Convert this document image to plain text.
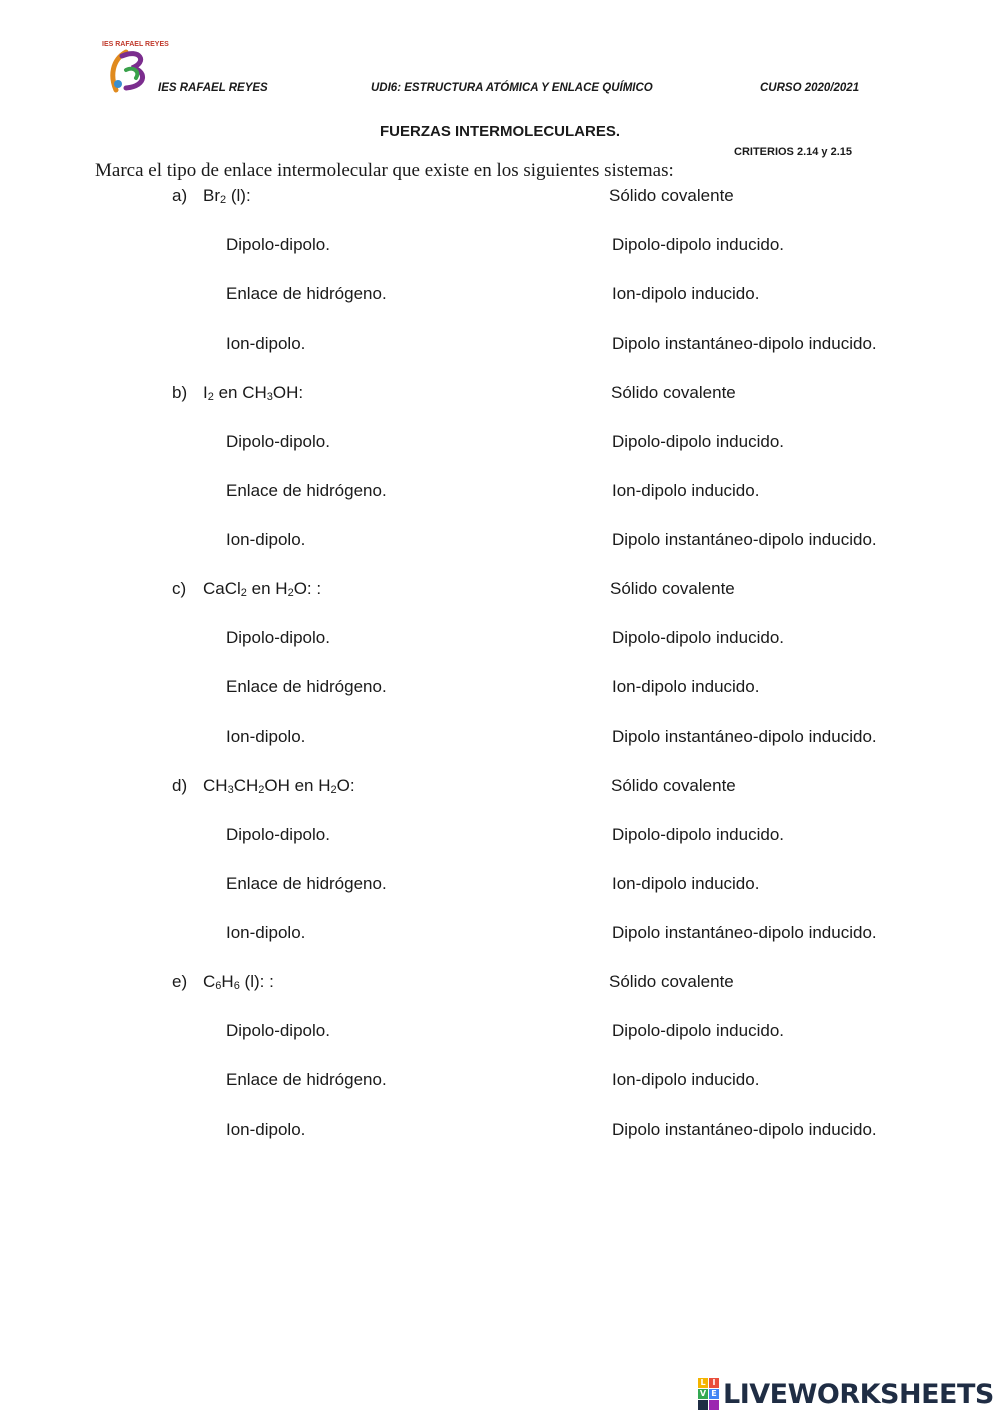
IES RAFAEL REYES
IES RAFAEL REYES	UDI6: ESTRUCTURA ATÓMICA Y ENLACE QUÍMICO	CURSO 2020/2021
FUERZAS INTERMOLECULARES.
CRITERIOS 2.14 y 2.15
Marca el tipo de enlace intermolecular que existe en los siguientes sistemas:
a) $Br_2$ (l):	Sólido covalente
Dipolo-dipolo.	Dipolo-dipolo inducido.
Enlace de hidrógeno.	Ion-dipolo inducido.
Ion-dipolo.	Dipolo instantáneo-dipolo inducido.
b) $I_2$ en $CH_3OH$:	Sólido covalente
Dipolo-dipolo.	Dipolo-dipolo inducido.
Enlace de hidrógeno.	Ion-dipolo inducido.
Ion-dipolo.	Dipolo instantáneo-dipolo inducido.
c) CaCl$_2$ en $H_2O$: :	Sólido covalente
Dipolo-dipolo.	Dipolo-dipolo inducido.
Enlace de hidrógeno.	Ion-dipolo inducido.
Ion-dipolo.	Dipolo instantáneo-dipolo inducido.
d) $CH_3CH_2OH$ en $H_2O$:	Sólido covalente
Dipolo-dipolo.	Dipolo-dipolo inducido.
Enlace de hidrógeno.	Ion-dipolo inducido.
Ion-dipolo.	Dipolo instantáneo-dipolo inducido.
e) $C_6H_6$ (l): :	Sólido covalente
Dipolo-dipolo.	Dipolo-dipolo inducido.
Enlace de hidrógeno.	Ion-dipolo inducido.
Ion-dipolo.	Dipolo instantáneo-dipolo inducido.
L I
V E LIVEWORKSHEETS
